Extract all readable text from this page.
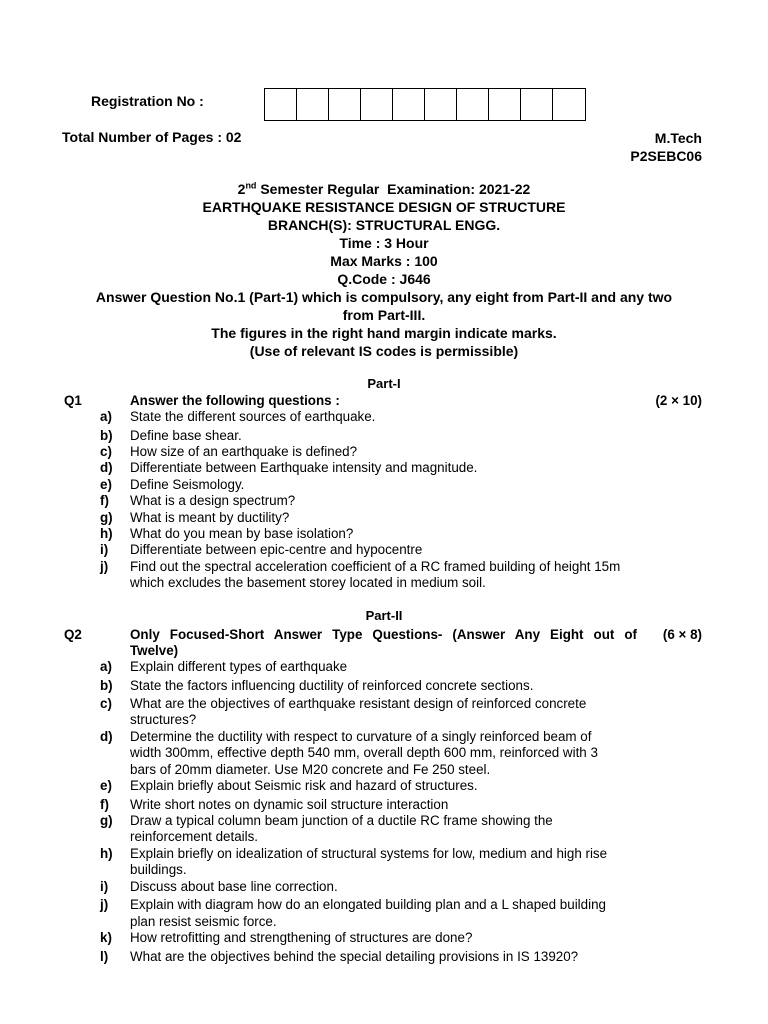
Registration No :
Total Number of Pages : 02	M.Tech
P2SEBC06
2nd Semester Regular  Examination: 2021-22
EARTHQUAKE RESISTANCE DESIGN OF STRUCTURE
BRANCH(S): STRUCTURAL ENGG.
Time : 3 Hour
Max Marks : 100
Q.Code : J646
Answer Question No.1 (Part-1) which is compulsory, any eight from Part-II and any two
from Part-III.
The figures in the right hand margin indicate marks.
(Use of relevant IS codes is permissible)
Part-I
Q1	Answer the following questions :	(2 × 10)
a) State the different sources of earthquake.
b) Define base shear.
c) How size of an earthquake is defined?
d) Differentiate between Earthquake intensity and magnitude.
e) Define Seismology.
f)	What is a design spectrum?
g) What is meant by ductility?
h) What do you mean by base isolation?
i)	Differentiate between epic-centre and hypocentre
j)	Find out the spectral acceleration coefficient of a RC framed building of height 15m
which excludes the basement storey located in medium soil.
Part-II
Q2	Only Focused-Short Answer Type Questions- (Answer Any Eight out of
Twelve)
(6 × 8)
a) Explain different types of earthquake
b) State the factors influencing ductility of reinforced concrete sections.
c) What are the objectives of earthquake resistant design of reinforced concrete
structures?
d) Determine the ductility with respect to curvature of a singly reinforced beam of
width 300mm, effective depth 540 mm, overall depth 600 mm, reinforced with 3
bars of 20mm diameter. Use M20 concrete and Fe 250 steel.
e) Explain briefly about Seismic risk and hazard of structures.
f)	Write short notes on dynamic soil structure interaction
g) Draw a typical column beam junction of a ductile RC frame showing the
reinforcement details.
h) Explain briefly on idealization of structural systems for low, medium and high rise
buildings.
i)	Discuss about base line correction.
j)	Explain with diagram how do an elongated building plan and a L shaped building
plan resist seismic force.
k) How retrofitting and strengthening of structures are done?
l)	What are the objectives behind the special detailing provisions in IS 13920?
